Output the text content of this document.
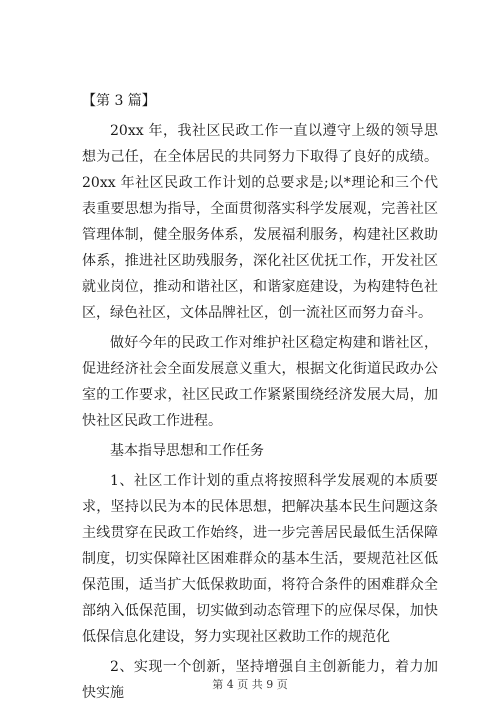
【第 3 篇】

20xx 年，我社区民政工作一直以遵守上级的领导思想为己任，在全体居民的共同努力下取得了良好的成绩。20xx 年社区民政工作计划的总要求是;以*理论和三个代表重要思想为指导，全面贯彻落实科学发展观，完善社区管理体制，健全服务体系，发展福利服务，构建社区救助体系，推进社区助残服务，深化社区优抚工作，开发社区就业岗位，推动和谐社区，和谐家庭建设，为构建特色社区，绿色社区，文体品牌社区，创一流社区而努力奋斗。

做好今年的民政工作对维护社区稳定构建和谐社区，促进经济社会全面发展意义重大，根据文化街道民政办公室的工作要求，社区民政工作紧紧围绕经济发展大局，加快社区民政工作进程。

基本指导思想和工作任务

1、社区工作计划的重点将按照科学发展观的本质要求，坚持以民为本的民体思想，把解决基本民生问题这条主线贯穿在民政工作始终，进一步完善居民最低生活保障制度，切实保障社区困难群众的基本生活，要规范社区低保范围，适当扩大低保救助面，将符合条件的困难群众全部纳入低保范围，切实做到动态管理下的应保尽保，加快低保信息化建设，努力实现社区救助工作的规范化

2、实现一个创新，坚持增强自主创新能力，着力加快实施

第 4 页 共 9 页
